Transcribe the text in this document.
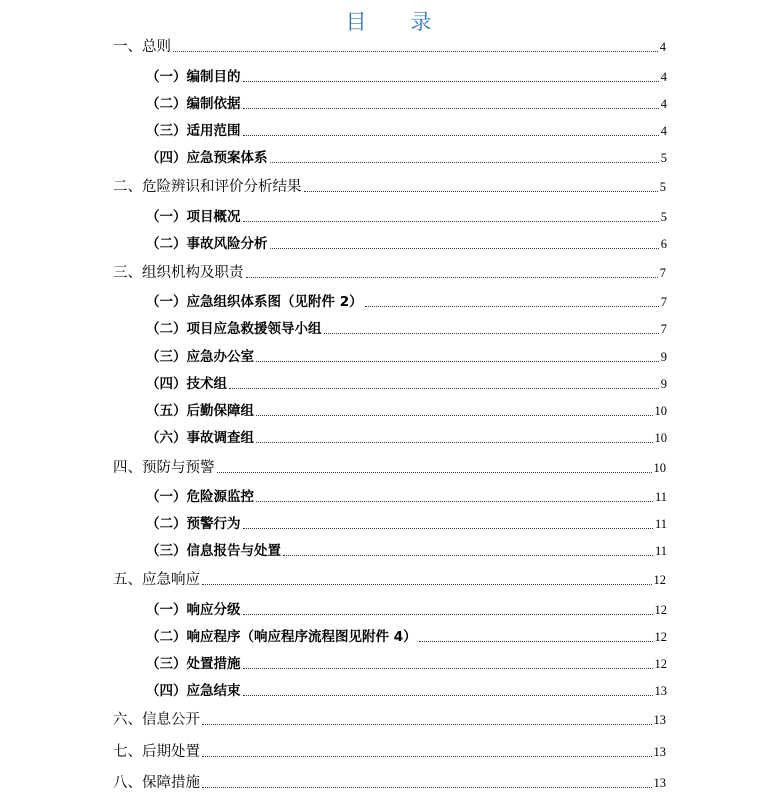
目 录
一、总则	4
（一）编制目的	4
（二）编制依据	4
（三）适用范围	4
（四）应急预案体系	5
二、危险辨识和评价分析结果	5
（一）项目概况	5
（二）事故风险分析	6
三、组织机构及职责	7
（一）应急组织体系图（见附件 2）	7
（二）项目应急救援领导小组	7
（三）应急办公室	9
（四）技术组	9
（五）后勤保障组	10
（六）事故调查组	10
四、预防与预警	10
（一）危险源监控	11
（二）预警行为	11
（三）信息报告与处置	11
五、应急响应	12
（一）响应分级	12
（二）响应程序（响应程序流程图见附件 4）	12
（三）处置措施	12
（四）应急结束	13
六、信息公开	13
七、后期处置	13
八、保障措施	13
